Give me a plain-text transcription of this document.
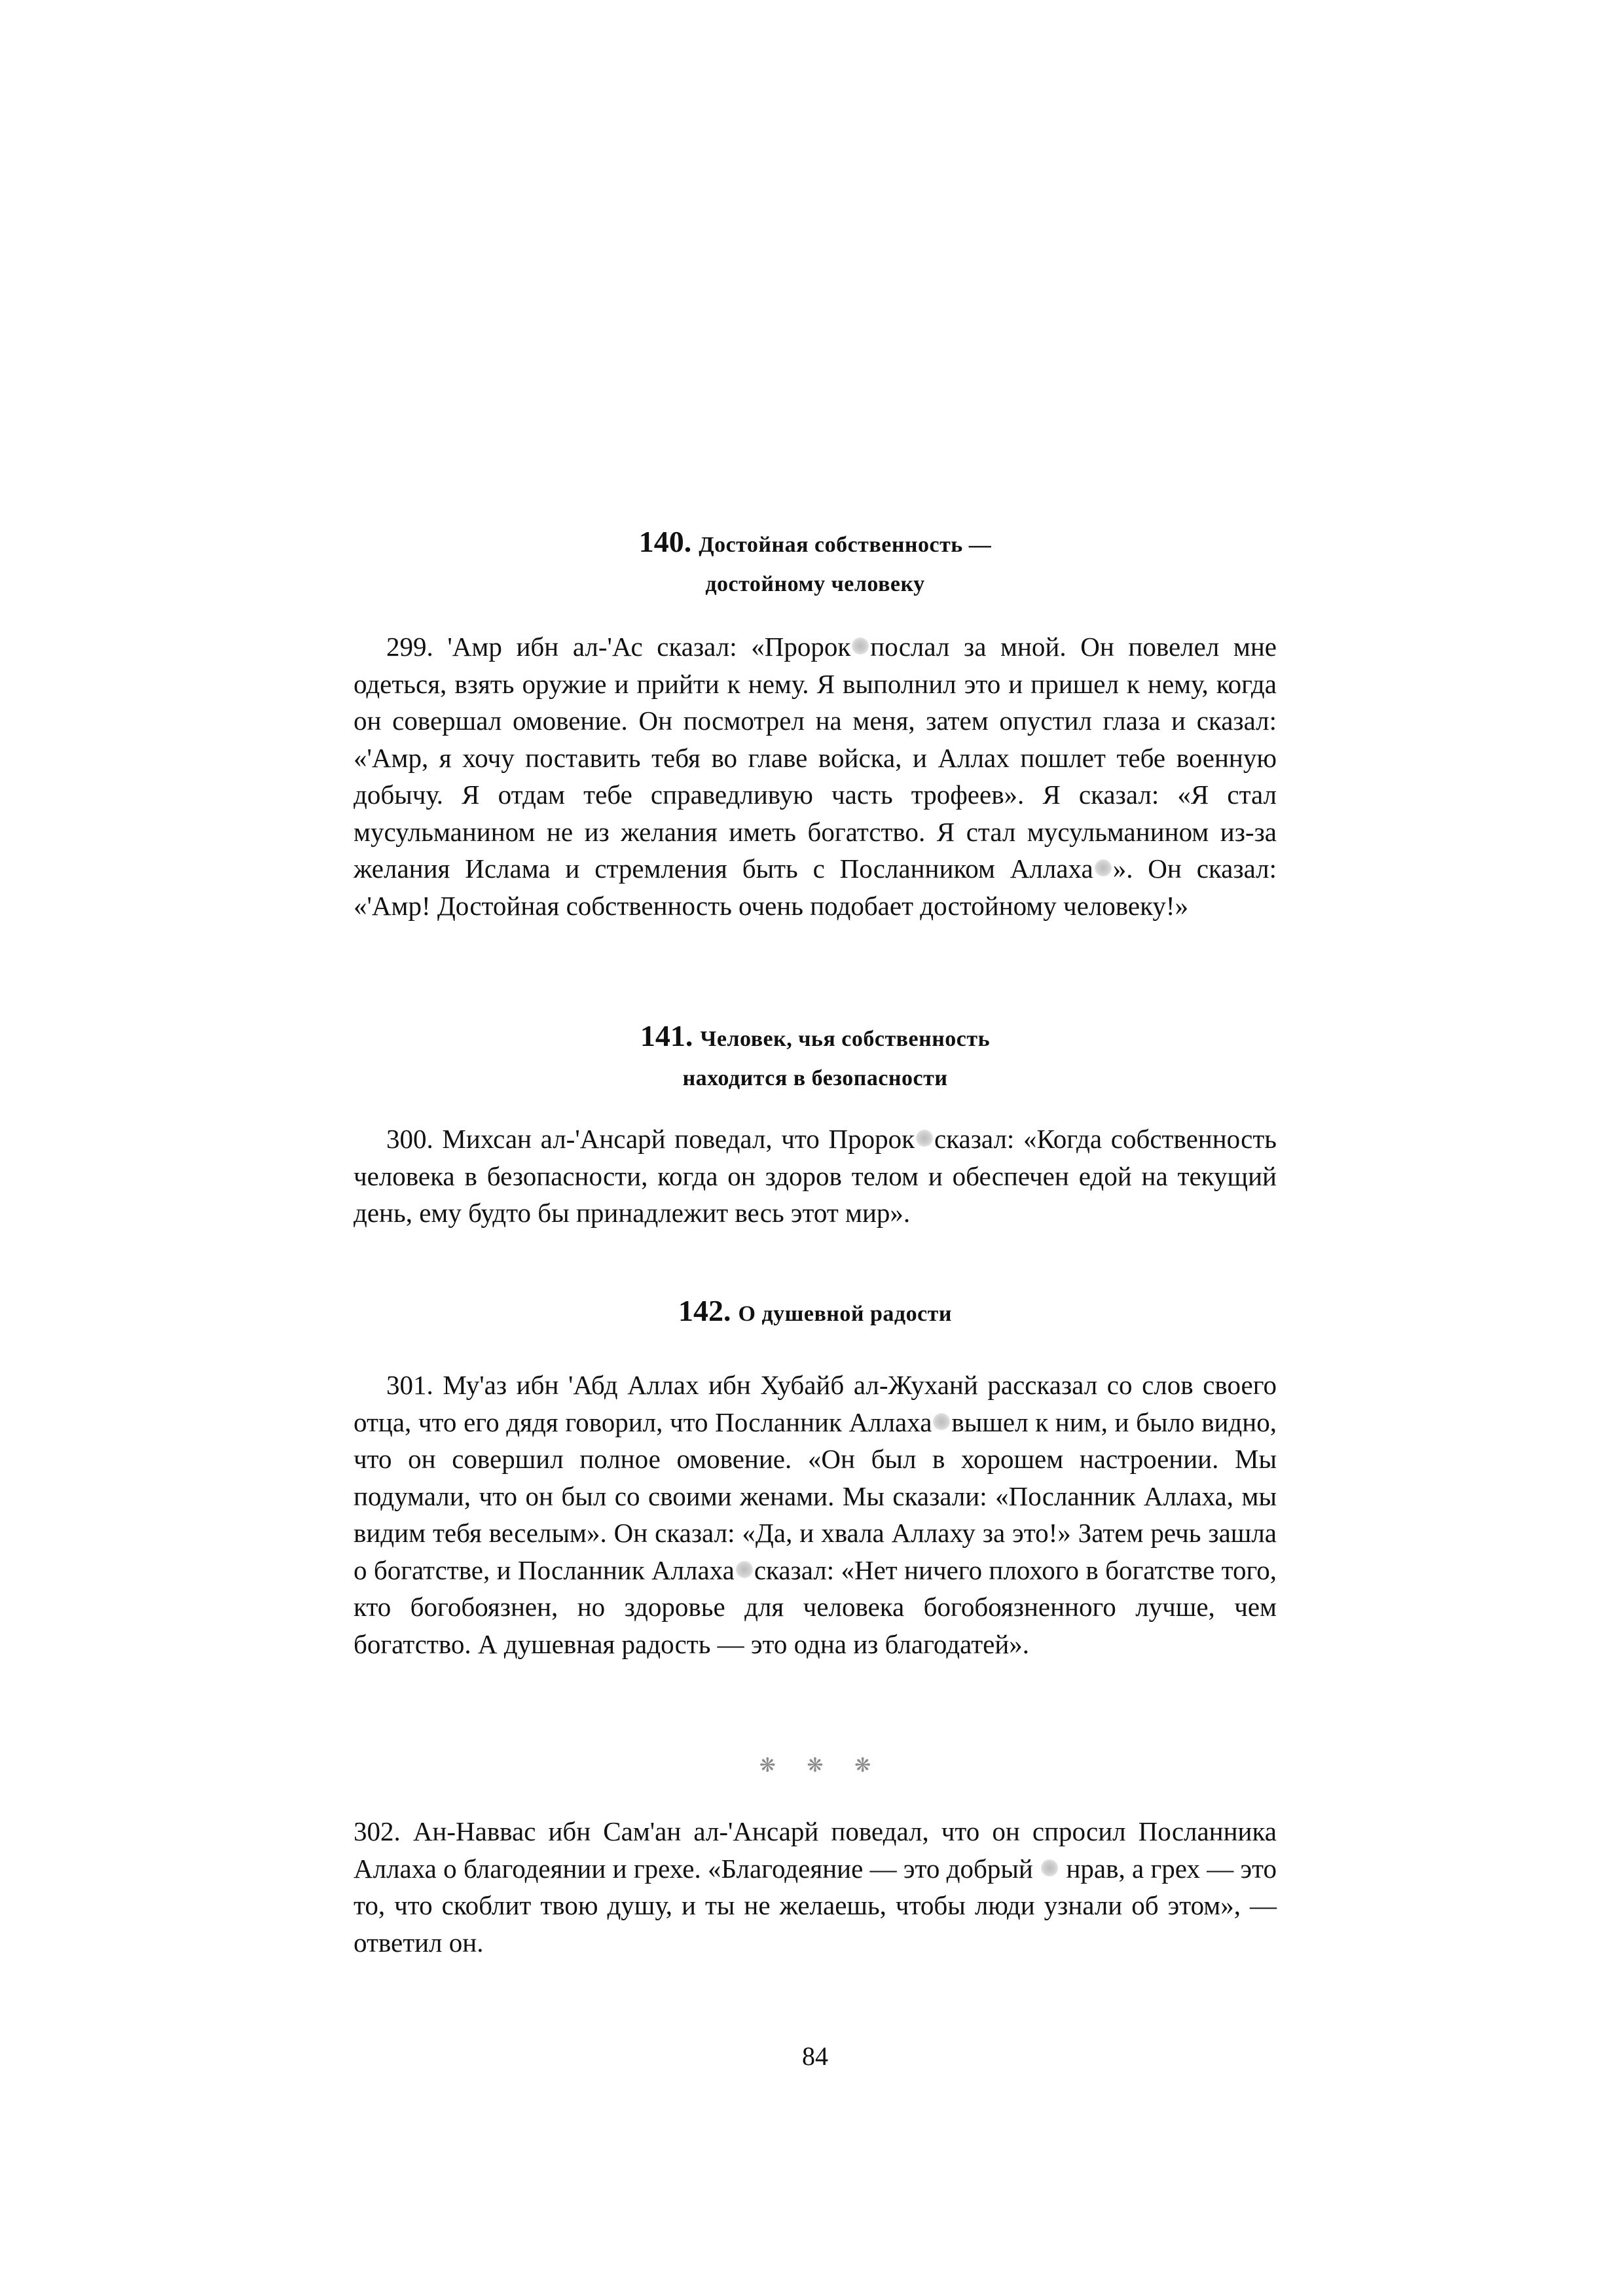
140. Достойная собственность —

достойному человеку

299. 'Амр ибн ал-'Ас сказал: «Пророк послал за мной. Он повелел мне одеться, взять оружие и прийти к нему. Я выполнил это и пришел к нему, когда он совершал омовение. Он посмотрел на меня, затем опустил глаза и сказал: «'Амр, я хочу поставить тебя во главе войска, и Аллах пошлет тебе военную добычу. Я отдам тебе справедливую часть трофеев». Я сказал: «Я стал мусульманином не из желания иметь богатство. Я стал мусульманином из-за желания Ислама и стремления быть с Посланником Аллаха ». Он сказал: «'Амр! Достойная собственность очень подобает достойному человеку!»

141. Человек, чья собственность

находится в безопасности

300. Михсан ал-'Ансарй поведал, что Пророк сказал: «Когда собственность человека в безопасности, когда он здоров телом и обеспечен едой на текущий день, ему будто бы принадлежит весь этот мир».

142. О душевной радости

301. Му'аз ибн 'Абд Аллах ибн Хубайб ал-Жуханй рассказал со слов своего отца, что его дядя говорил, что Посланник Аллаха вышел к ним, и было видно, что он совершил полное омовение. «Он был в хорошем настроении. Мы подумали, что он был со своими женами. Мы сказали: «Посланник Аллаха, мы видим тебя веселым». Он сказал: «Да, и хвала Аллаху за это!» Затем речь зашла о богатстве, и Посланник Аллаха сказал: «Нет ничего плохого в богатстве того, кто богобоязнен, но здоровье для человека богобоязненного лучше, чем богатство. А душевная радость — это одна из благодатей».

❋ ❋ ❋

302. Ан-Наввас ибн Сам'ан ал-'Ансарй поведал, что он спросил Посланника Аллаха о благодеянии и грехе. «Благодеяние — это добрый нрав, а грех — это то, что скоблит твою душу, и ты не желаешь, чтобы люди узнали об этом», — ответил он.

84
